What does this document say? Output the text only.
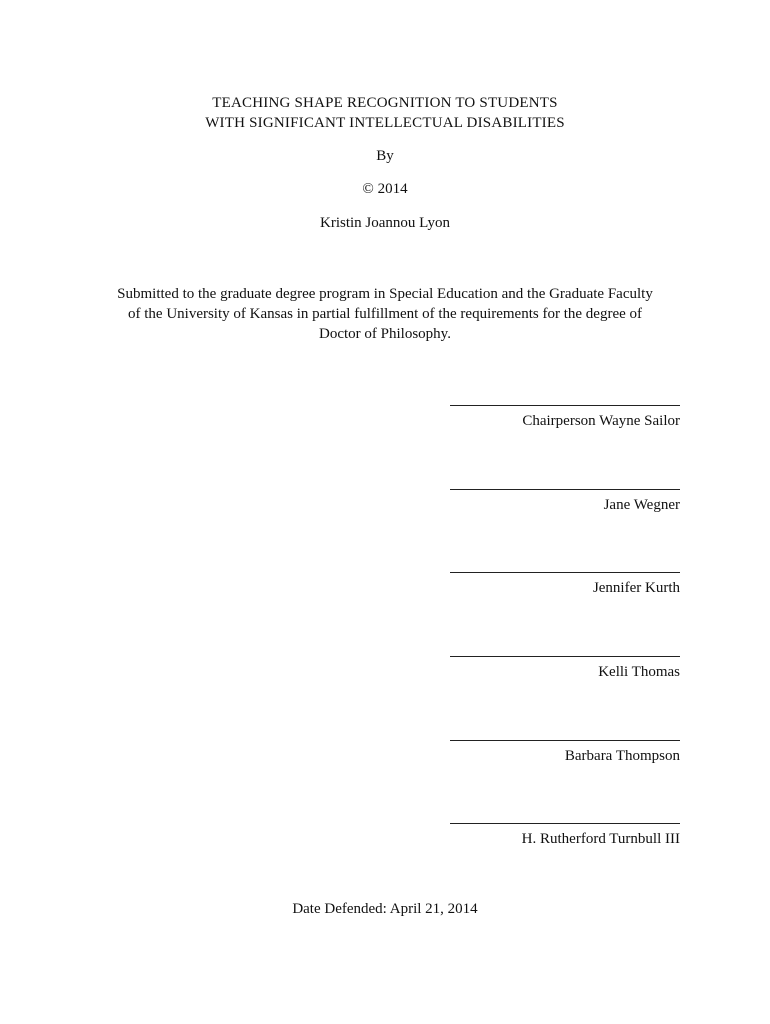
TEACHING SHAPE RECOGNITION TO STUDENTS
WITH SIGNIFICANT INTELLECTUAL DISABILITIES
By
© 2014
Kristin Joannou Lyon
Submitted to the graduate degree program in Special Education and the Graduate Faculty
of the University of Kansas in partial fulfillment of the requirements for the degree of
Doctor of Philosophy.
Chairperson Wayne Sailor
Jane Wegner
Jennifer Kurth
Kelli Thomas
Barbara Thompson
H. Rutherford Turnbull III
Date Defended: April 21, 2014
